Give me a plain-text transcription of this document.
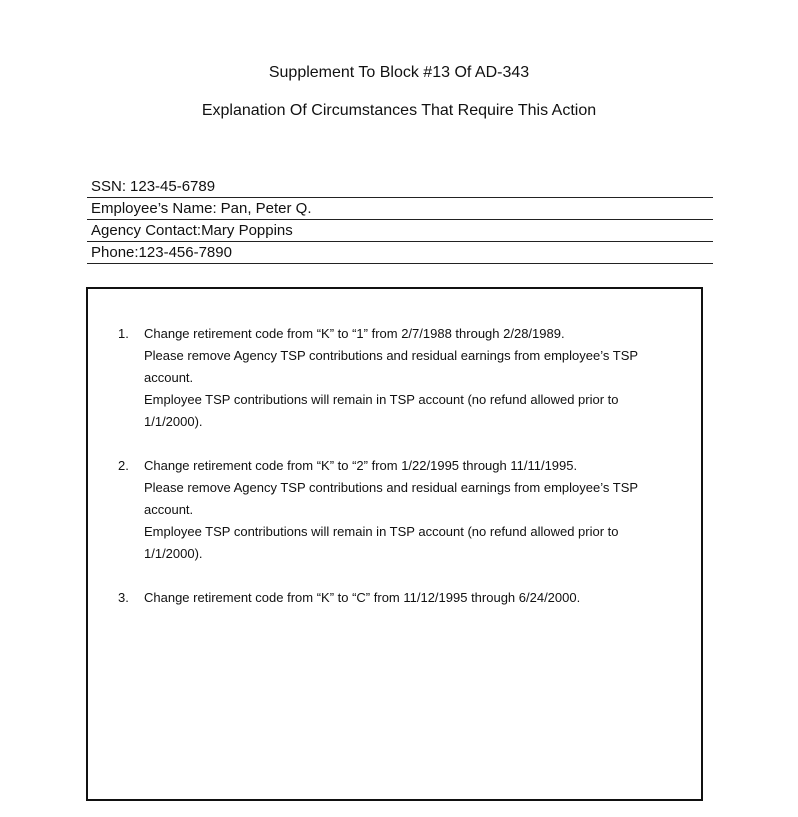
Supplement To Block #13 Of AD-343
Explanation Of Circumstances That Require This Action
SSN: 123-45-6789
Employee’s Name: Pan, Peter Q.
Agency Contact:Mary Poppins
Phone:123-456-7890
1.	Change retirement code from “K” to “1” from 2/7/1988 through 2/28/1989.
Please remove Agency TSP contributions and residual earnings from employee’s TSP
account.
Employee TSP contributions will remain in TSP account (no refund allowed prior to
1/1/2000).
2.	Change retirement code from “K” to “2” from 1/22/1995 through 11/11/1995.
Please remove Agency TSP contributions and residual earnings from employee’s TSP
account.
Employee TSP contributions will remain in TSP account (no refund allowed prior to
1/1/2000).
3.	Change retirement code from “K” to “C” from 11/12/1995 through 6/24/2000.
